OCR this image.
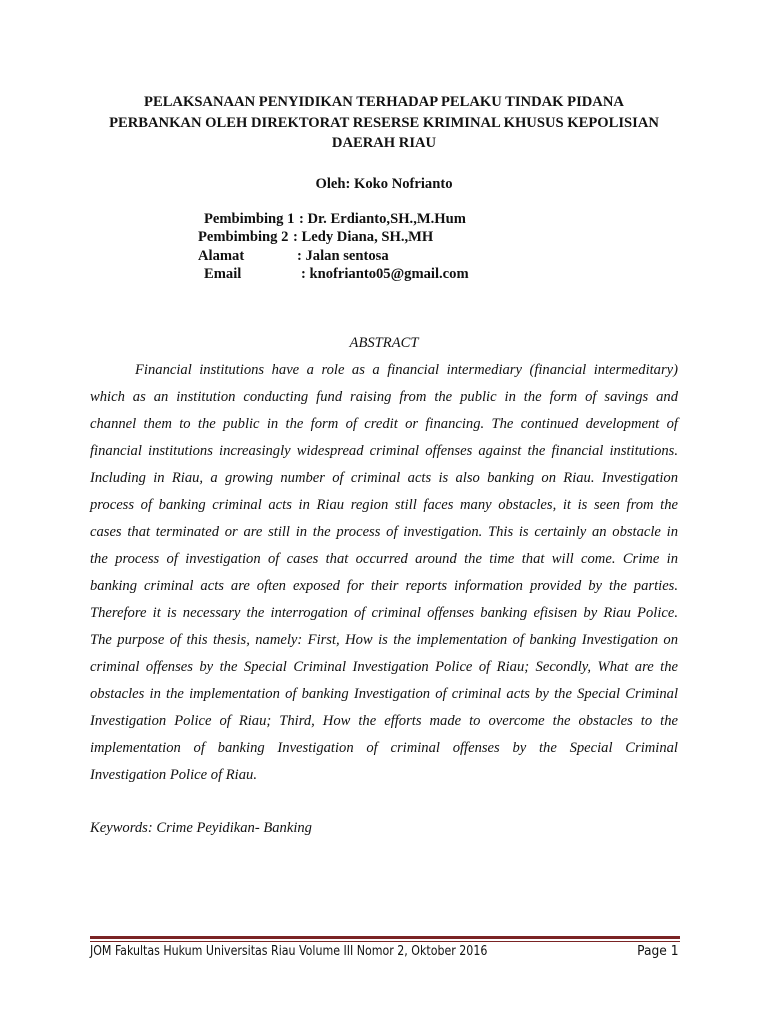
PELAKSANAAN PENYIDIKAN TERHADAP PELAKU TINDAK PIDANA
PERBANKAN OLEH DIREKTORAT RESERSE KRIMINAL KHUSUS KEPOLISIAN
DAERAH RIAU
Oleh: Koko Nofrianto
Pembimbing 1 : Dr. Erdianto,SH.,M.Hum
Pembimbing 2 : Ledy Diana, SH.,MH
Alamat	: Jalan sentosa
Email	: knofrianto05@gmail.com
ABSTRACT
Financial institutions have a role as a financial intermediary (financial intermeditary)
which as an institution conducting fund raising from the public in the form of savings and
channel them to the public in the form of credit or financing. The continued development of
financial institutions increasingly widespread criminal offenses against the financial institutions.
Including in Riau, a growing number of criminal acts is also banking on Riau. Investigation
process of banking criminal acts in Riau region still faces many obstacles, it is seen from the
cases that terminated or are still in the process of investigation. This is certainly an obstacle in
the process of investigation of cases that occurred around the time that will come. Crime in
banking criminal acts are often exposed for their reports information provided by the parties.
Therefore it is necessary the interrogation of criminal offenses banking efisisen by Riau Police.
The purpose of this thesis, namely: First, How is the implementation of banking Investigation on
criminal offenses by the Special Criminal Investigation Police of Riau; Secondly, What are the
obstacles in the implementation of banking Investigation of criminal acts by the Special Criminal
Investigation Police of Riau; Third, How the efforts made to overcome the obstacles to the
implementation of banking Investigation of criminal offenses by the Special Criminal
Investigation Police of Riau.
Keywords: Crime Peyidikan- Banking
JOM Fakultas Hukum Universitas Riau Volume III Nomor 2, Oktober 2016	Page 1
